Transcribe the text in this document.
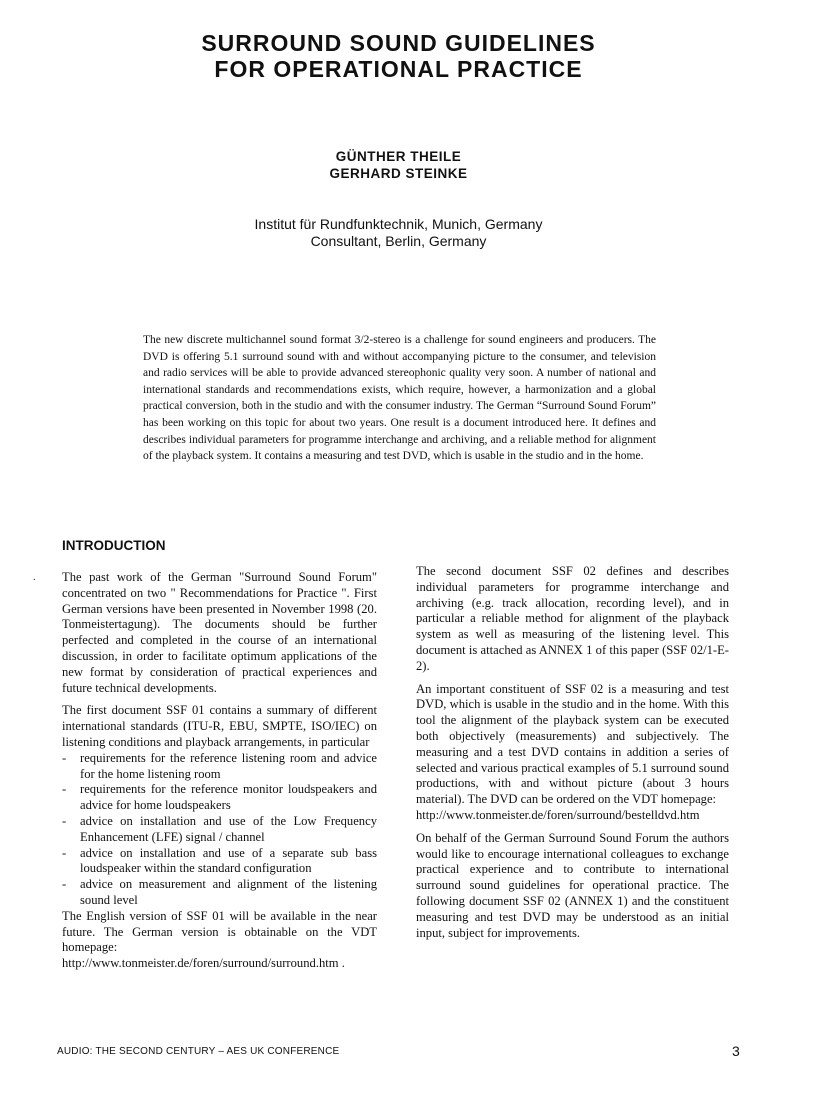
SURROUND SOUND GUIDELINES
FOR OPERATIONAL PRACTICE
GÜNTHER THEILE
GERHARD STEINKE
Institut für Rundfunktechnik, Munich, Germany
Consultant, Berlin, Germany
The new discrete multichannel sound format 3/2-stereo is a challenge for sound engineers and producers. The DVD is offering 5.1 surround sound with and without accompanying picture to the consumer, and television and radio services will be able to provide advanced stereophonic quality very soon. A number of national and international standards and recommendations exists, which require, however, a harmonization and a global practical conversion, both in the studio and with the consumer industry. The German “Surround Sound Forum” has been working on this topic for about two years. One result is a document introduced here. It defines and describes individual parameters for programme interchange and archiving, and a reliable method for alignment of the playback system. It contains a measuring and test DVD, which is usable in the studio and in the home.
INTRODUCTION
. The past work of the German "Surround Sound Forum" concentrated on two " Recommendations for Practice ". First German versions have been presented in November 1998 (20. Tonmeistertagung). The documents should be further perfected and completed in the course of an international discussion, in order to facilitate optimum applications of the new format by consideration of practical experiences and future technical developments.

The first document SSF 01 contains a summary of different international standards (ITU-R, EBU, SMPTE, ISO/IEC) on listening conditions and playback arrangements, in particular

- requirements for the reference listening room and advice for the home listening room
- requirements for the reference monitor loudspeakers and advice for home loudspeakers
- advice on installation and use of the Low Frequency Enhancement (LFE) signal / channel
- advice on installation and use of a separate sub bass loudspeaker within the standard configuration
- advice on measurement and alignment of the listening sound level

The English version of SSF 01 will be available in the near future. The German version is obtainable on the VDT homepage:

http://www.tonmeister.de/foren/surround/surround.htm .

The second document SSF 02 defines and describes individual parameters for programme interchange and archiving (e.g. track allocation, recording level), and in particular a reliable method for alignment of the playback system as well as measuring of the listening level. This document is attached as ANNEX 1 of this paper (SSF 02/1-E-2).

An important constituent of SSF 02 is a measuring and test DVD, which is usable in the studio and in the home. With this tool the alignment of the playback system can be executed both objectively (measurements) and subjectively. The measuring and a test DVD contains in addition a series of selected and various practical examples of 5.1 surround sound productions, with and without picture (about 3 hours material). The DVD can be ordered on the VDT homepage:

http://www.tonmeister.de/foren/surround/bestelldvd.htm

On behalf of the German Surround Sound Forum the authors would like to encourage international colleagues to exchange practical experience and to contribute to international surround sound guidelines for operational practice. The following document SSF 02 (ANNEX 1) and the constituent measuring and test DVD may be understood as an initial input, subject for improvements.

AUDIO: THE SECOND CENTURY – AES UK CONFERENCE	3
